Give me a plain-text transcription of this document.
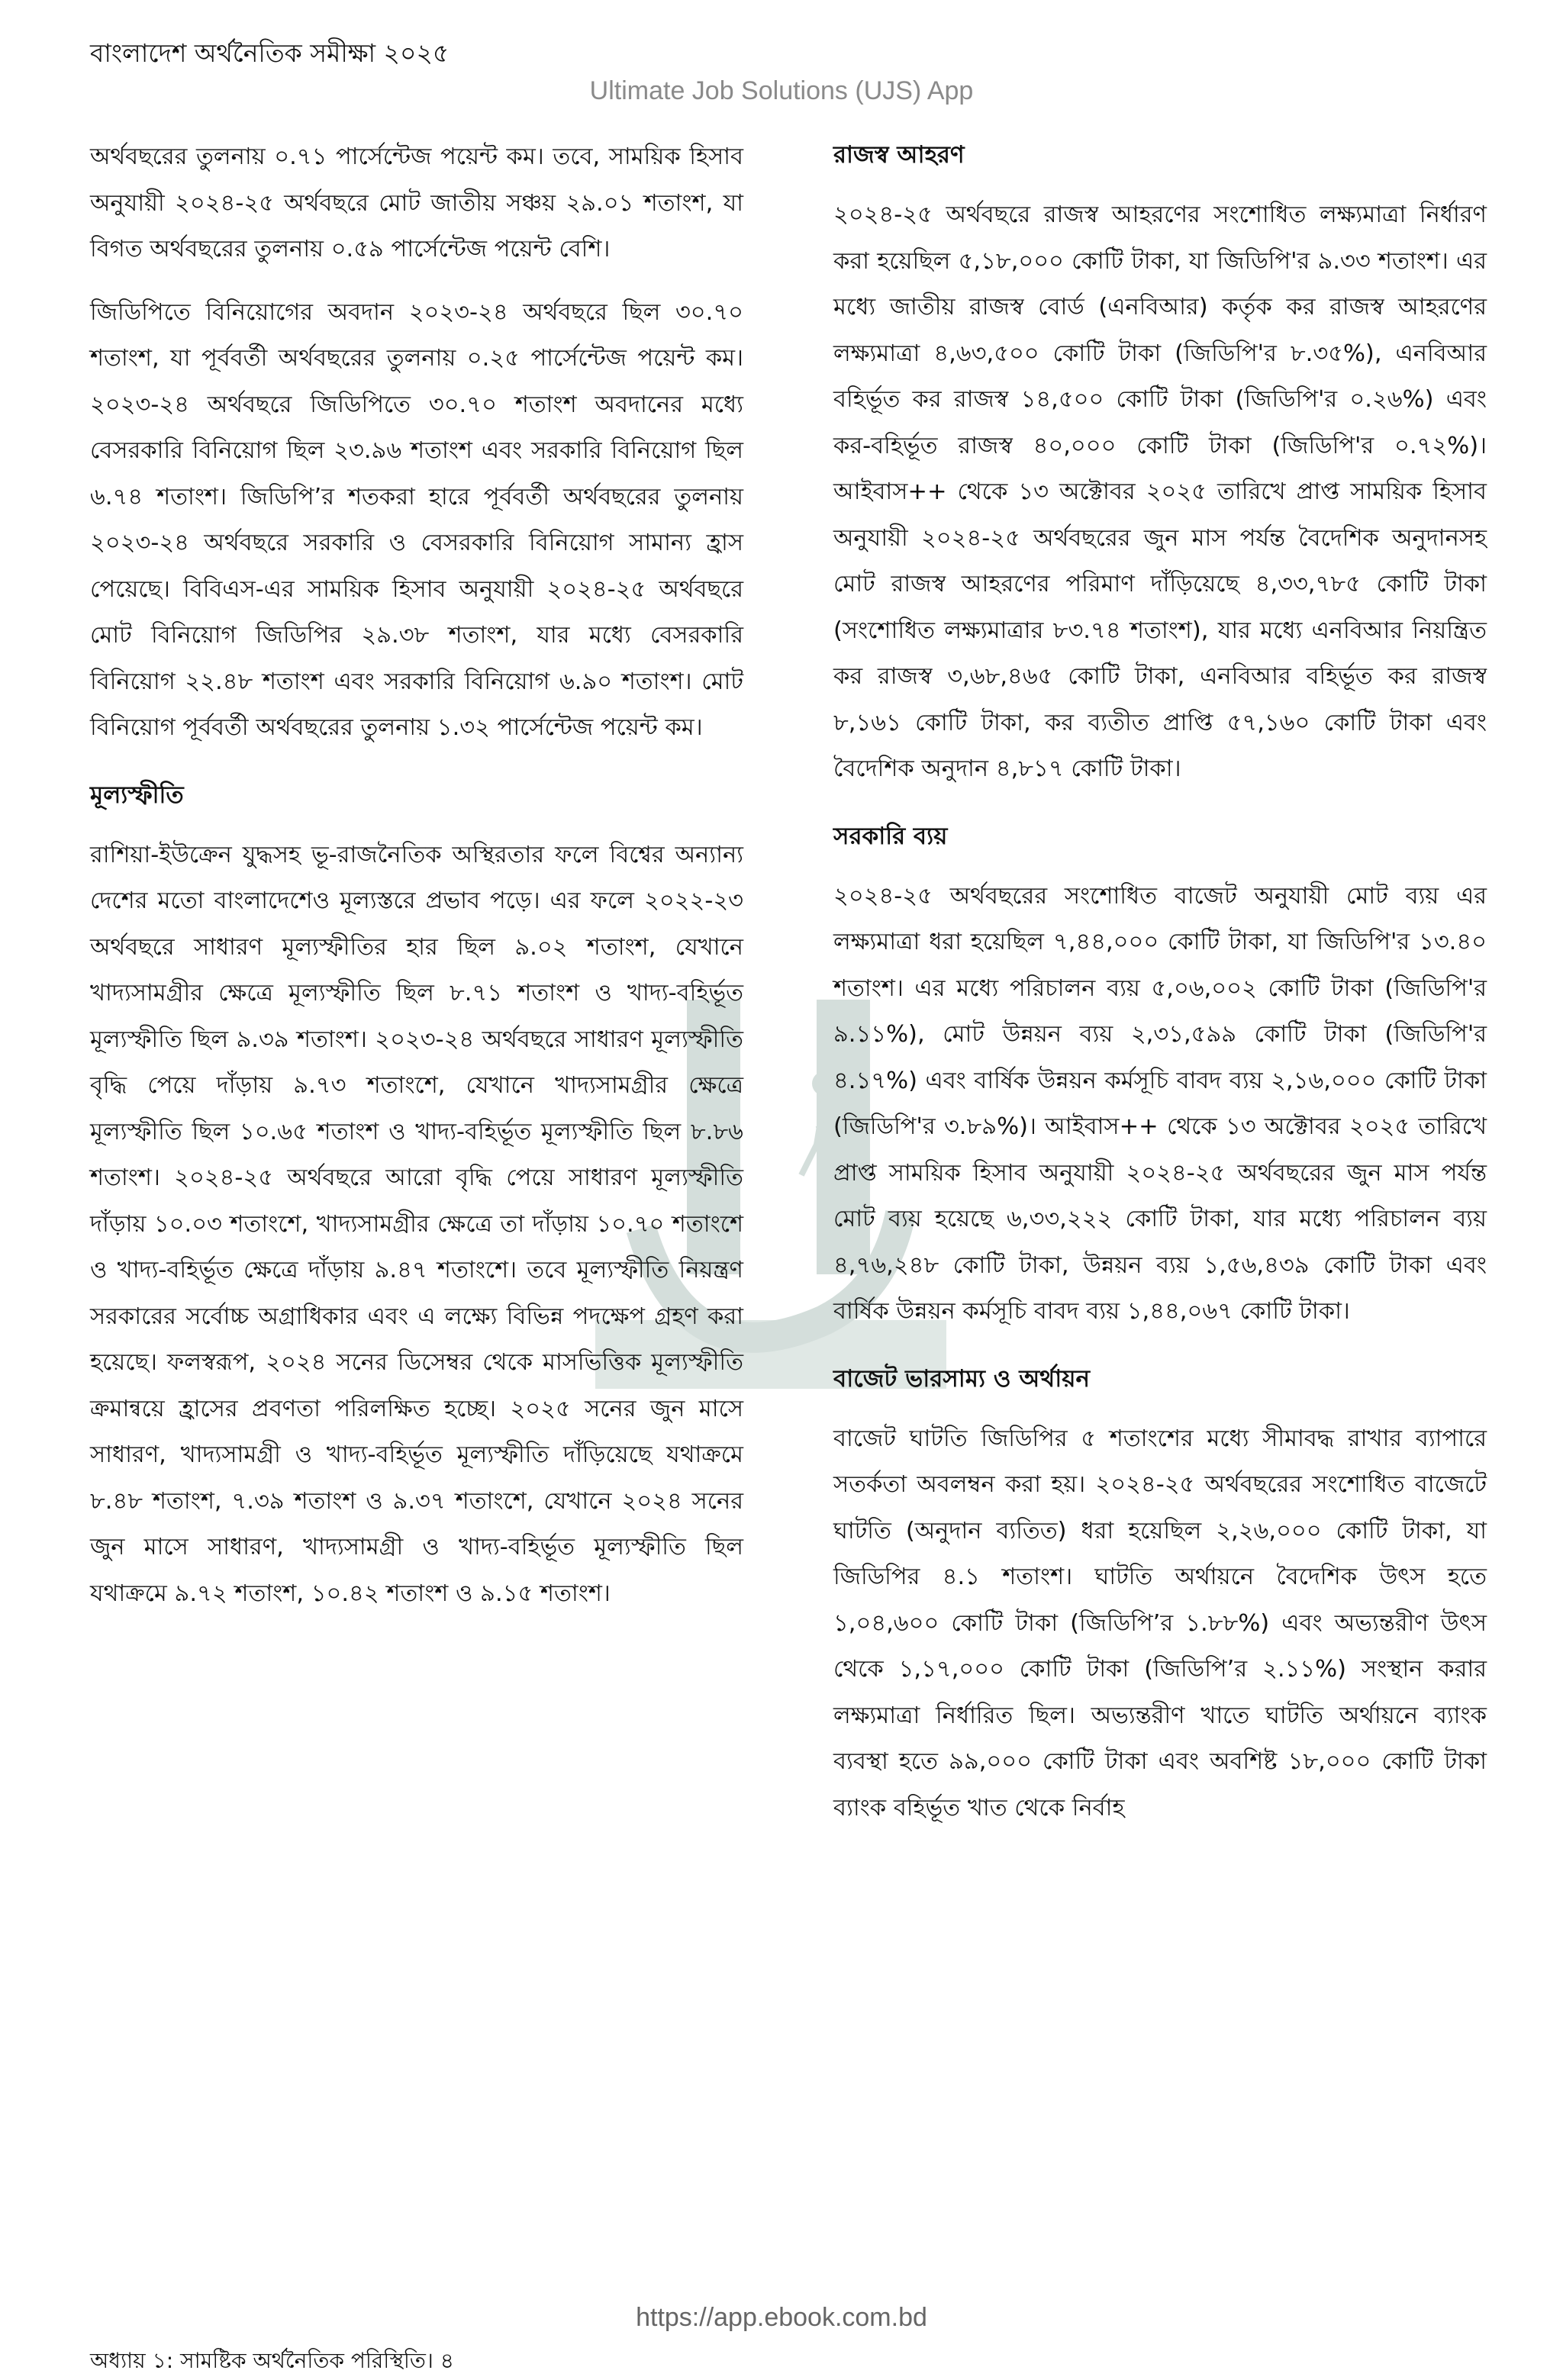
বাংলাদেশ অর্থনৈতিক সমীক্ষা ২০২৫
Ultimate Job Solutions (UJS) App

অর্থবছরের তুলনায় ০.৭১ পার্সেন্টেজ পয়েন্ট কম। তবে, সাময়িক হিসাব অনুযায়ী ২০২৪-২৫ অর্থবছরে মোট জাতীয় সঞ্চয় ২৯.০১ শতাংশ, যা বিগত অর্থবছরের তুলনায় ০.৫৯ পার্সেন্টেজ পয়েন্ট বেশি।

জিডিপিতে বিনিয়োগের অবদান ২০২৩-২৪ অর্থবছরে ছিল ৩০.৭০ শতাংশ, যা পূর্ববর্তী অর্থবছরের তুলনায় ০.২৫ পার্সেন্টেজ পয়েন্ট কম। ২০২৩-২৪ অর্থবছরে জিডিপিতে ৩০.৭০ শতাংশ অবদানের মধ্যে বেসরকারি বিনিয়োগ ছিল ২৩.৯৬ শতাংশ এবং সরকারি বিনিয়োগ ছিল ৬.৭৪ শতাংশ। জিডিপি’র শতকরা হারে পূর্ববর্তী অর্থবছরের তুলনায় ২০২৩-২৪ অর্থবছরে সরকারি ও বেসরকারি বিনিয়োগ সামান্য হ্রাস পেয়েছে। বিবিএস-এর সাময়িক হিসাব অনুযায়ী ২০২৪-২৫ অর্থবছরে মোট বিনিয়োগ জিডিপির ২৯.৩৮ শতাংশ, যার মধ্যে বেসরকারি বিনিয়োগ ২২.৪৮ শতাংশ এবং সরকারি বিনিয়োগ ৬.৯০ শতাংশ। মোট বিনিয়োগ পূর্ববর্তী অর্থবছরের তুলনায় ১.৩২ পার্সেন্টেজ পয়েন্ট কম।

মূল্যস্ফীতি

রাশিয়া-ইউক্রেন যুদ্ধসহ ভূ-রাজনৈতিক অস্থিরতার ফলে বিশ্বের অন্যান্য দেশের মতো বাংলাদেশেও মূল্যস্তরে প্রভাব পড়ে। এর ফলে ২০২২-২৩ অর্থবছরে সাধারণ মূল্যস্ফীতির হার ছিল ৯.০২ শতাংশ, যেখানে খাদ্যসামগ্রীর ক্ষেত্রে মূল্যস্ফীতি ছিল ৮.৭১ শতাংশ ও খাদ্য-বহির্ভূত মূল্যস্ফীতি ছিল ৯.৩৯ শতাংশ। ২০২৩-২৪ অর্থবছরে সাধারণ মূল্যস্ফীতি বৃদ্ধি পেয়ে দাঁড়ায় ৯.৭৩ শতাংশে, যেখানে খাদ্যসামগ্রীর ক্ষেত্রে মূল্যস্ফীতি ছিল ১০.৬৫ শতাংশ ও খাদ্য-বহির্ভূত মূল্যস্ফীতি ছিল ৮.৮৬ শতাংশ। ২০২৪-২৫ অর্থবছরে আরো বৃদ্ধি পেয়ে সাধারণ মূল্যস্ফীতি দাঁড়ায় ১০.০৩ শতাংশে, খাদ্যসামগ্রীর ক্ষেত্রে তা দাঁড়ায় ১০.৭০ শতাংশে ও খাদ্য-বহির্ভূত ক্ষেত্রে দাঁড়ায় ৯.৪৭ শতাংশে। তবে মূল্যস্ফীতি নিয়ন্ত্রণ সরকারের সর্বোচ্চ অগ্রাধিকার এবং এ লক্ষ্যে বিভিন্ন পদক্ষেপ গ্রহণ করা হয়েছে। ফলস্বরূপ, ২০২৪ সনের ডিসেম্বর থেকে মাসভিত্তিক মূল্যস্ফীতি ক্রমান্বয়ে হ্রাসের প্রবণতা পরিলক্ষিত হচ্ছে। ২০২৫ সনের জুন মাসে সাধারণ, খাদ্যসামগ্রী ও খাদ্য-বহির্ভূত মূল্যস্ফীতি দাঁড়িয়েছে যথাক্রমে ৮.৪৮ শতাংশ, ৭.৩৯ শতাংশ ও ৯.৩৭ শতাংশে, যেখানে ২০২৪ সনের জুন মাসে সাধারণ, খাদ্যসামগ্রী ও খাদ্য-বহির্ভূত মূল্যস্ফীতি ছিল যথাক্রমে ৯.৭২ শতাংশ, ১০.৪২ শতাংশ ও ৯.১৫ শতাংশ।

রাজস্ব আহরণ

২০২৪-২৫ অর্থবছরে রাজস্ব আহরণের সংশোধিত লক্ষ্যমাত্রা নির্ধারণ করা হয়েছিল ৫,১৮,০০০ কোটি টাকা, যা জিডিপি'র ৯.৩৩ শতাংশ। এর মধ্যে জাতীয় রাজস্ব বোর্ড (এনবিআর) কর্তৃক কর রাজস্ব আহরণের লক্ষ্যমাত্রা ৪,৬৩,৫০০ কোটি টাকা (জিডিপি'র ৮.৩৫%), এনবিআর বহির্ভূত কর রাজস্ব ১৪,৫০০ কোটি টাকা (জিডিপি'র ০.২৬%) এবং কর-বহির্ভূত রাজস্ব ৪০,০০০ কোটি টাকা (জিডিপি'র ০.৭২%)। আইবাস++ থেকে ১৩ অক্টোবর ২০২৫ তারিখে প্রাপ্ত সাময়িক হিসাব অনুযায়ী ২০২৪-২৫ অর্থবছরের জুন মাস পর্যন্ত বৈদেশিক অনুদানসহ মোট রাজস্ব আহরণের পরিমাণ দাঁড়িয়েছে ৪,৩৩,৭৮৫ কোটি টাকা (সংশোধিত লক্ষ্যমাত্রার ৮৩.৭৪ শতাংশ), যার মধ্যে এনবিআর নিয়ন্ত্রিত কর রাজস্ব ৩,৬৮,৪৬৫ কোটি টাকা, এনবিআর বহির্ভূত কর রাজস্ব ৮,১৬১ কোটি টাকা, কর ব্যতীত প্রাপ্তি ৫৭,১৬০ কোটি টাকা এবং বৈদেশিক অনুদান ৪,৮১৭ কোটি টাকা।

সরকারি ব্যয়

২০২৪-২৫ অর্থবছরের সংশোধিত বাজেট অনুযায়ী মোট ব্যয় এর লক্ষ্যমাত্রা ধরা হয়েছিল ৭,৪৪,০০০ কোটি টাকা, যা জিডিপি'র ১৩.৪০ শতাংশ। এর মধ্যে পরিচালন ব্যয় ৫,০৬,০০২ কোটি টাকা (জিডিপি'র ৯.১১%), মোট উন্নয়ন ব্যয় ২,৩১,৫৯৯ কোটি টাকা (জিডিপি'র ৪.১৭%) এবং বার্ষিক উন্নয়ন কর্মসূচি বাবদ ব্যয় ২,১৬,০০০ কোটি টাকা (জিডিপি'র ৩.৮৯%)। আইবাস++ থেকে ১৩ অক্টোবর ২০২৫ তারিখে প্রাপ্ত সাময়িক হিসাব অনুযায়ী ২০২৪-২৫ অর্থবছরের জুন মাস পর্যন্ত মোট ব্যয় হয়েছে ৬,৩৩,২২২ কোটি টাকা, যার মধ্যে পরিচালন ব্যয় ৪,৭৬,২৪৮ কোটি টাকা, উন্নয়ন ব্যয় ১,৫৬,৪৩৯ কোটি টাকা এবং বার্ষিক উন্নয়ন কর্মসূচি বাবদ ব্যয় ১,৪৪,০৬৭ কোটি টাকা।

বাজেট ভারসাম্য ও অর্থায়ন

বাজেট ঘাটতি জিডিপির ৫ শতাংশের মধ্যে সীমাবদ্ধ রাখার ব্যাপারে সতর্কতা অবলম্বন করা হয়। ২০২৪-২৫ অর্থবছরের সংশোধিত বাজেটে ঘাটতি (অনুদান ব্যতিত) ধরা হয়েছিল ২,২৬,০০০ কোটি টাকা, যা জিডিপির ৪.১ শতাংশ। ঘাটতি অর্থায়নে বৈদেশিক উৎস হতে ১,০৪,৬০০ কোটি টাকা (জিডিপি’র ১.৮৮%) এবং অভ্যন্তরীণ উৎস থেকে ১,১৭,০০০ কোটি টাকা (জিডিপি’র ২.১১%) সংস্থান করার লক্ষ্যমাত্রা নির্ধারিত ছিল। অভ্যন্তরীণ খাতে ঘাটতি অর্থায়নে ব্যাংক ব্যবস্থা হতে ৯৯,০০০ কোটি টাকা এবং অবশিষ্ট ১৮,০০০ কোটি টাকা ব্যাংক বহির্ভূত খাত থেকে নির্বাহ

https://app.ebook.com.bd
অধ্যায় ১: সামষ্টিক অর্থনৈতিক পরিস্থিতি। ৪
